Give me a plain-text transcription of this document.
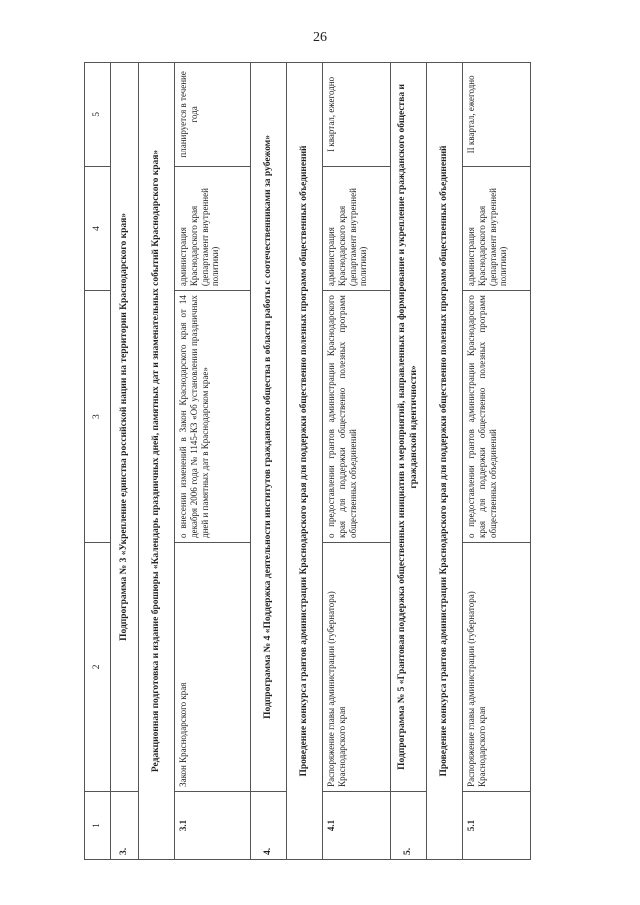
26
1	2	3	4	5
3.	Подпрограмма № 3 «Укрепление единства российской нации на территории Краснодарского края»			
Редакционная подготовка и издание брошюры «Календарь праздничных дней, памятных дат и знаменательных событий Краснодарского края»				
3.1	Закон Краснодарского края	о внесении изменений в Закон Краснодарского края от 14 декабря 2006 года № 1145-КЗ «Об установлении праздничных дней и памятных дат в Краснодарском крае»	администрация Краснодарского края (департамент внутренней политики)	планируется в течение года
4.	Подпрограмма № 4 «Поддержка деятельности институтов гражданского общества в области работы с соотечественниками за рубежом»			
Проведение конкурса грантов администрации Краснодарского края для поддержки общественно полезных программ общественных объединений				
4.1	Распоряжение главы администрации (губернатора) Краснодарского края	о предоставлении грантов администрации Краснодарского края для поддержки общественно полезных программ общественных объединений	администрация Краснодарского края (департамент внутренней политики)	I квартал, ежегодно
5.	Подпрограмма № 5 «Грантовая поддержка общественных инициатив и мероприятий, направленных на формирование и укрепление гражданского общества и гражданской идентичности»			
Проведение конкурса грантов администрации Краснодарского края для поддержки общественно полезных программ общественных объединений				
5.1	Распоряжение главы администрации (губернатора) Краснодарского края	о предоставлении грантов администрации Краснодарского края для поддержки общественно полезных программ общественных объединений	администрация Краснодарского края (департамент внутренней политики)	II квартал, ежегодно
